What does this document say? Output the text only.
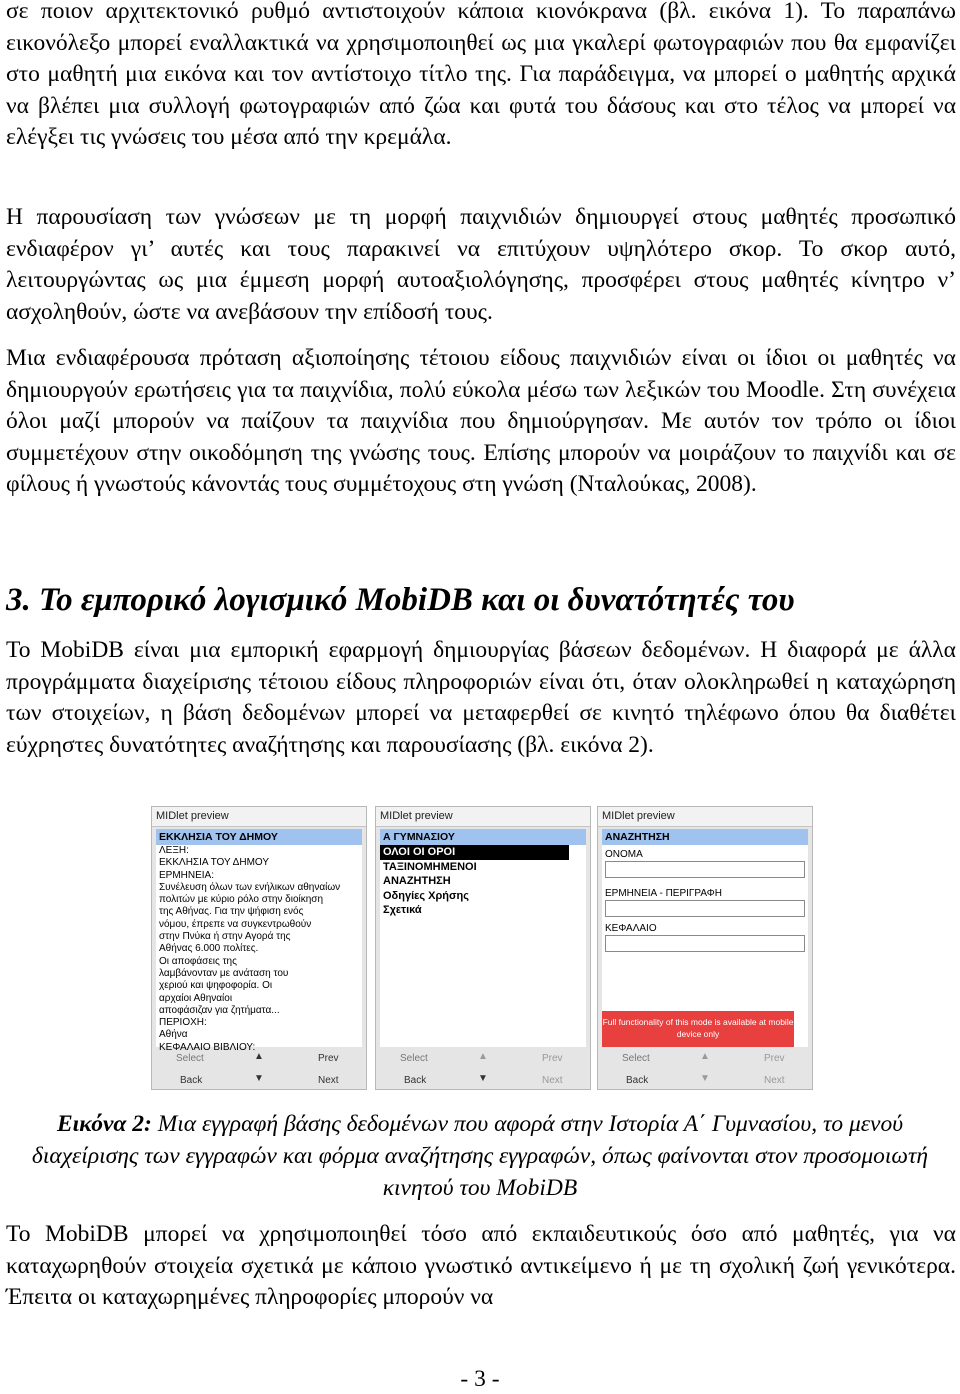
σε ποιον αρχιτεκτονικό ρυθμό αντιστοιχούν κάποια κιονόκρανα (βλ. εικόνα 1). Το παραπάνω εικονόλεξο μπορεί εναλλακτικά να χρησιμοποιηθεί ως μια γκαλερί φωτογραφιών που θα εμφανίζει στο μαθητή μια εικόνα και τον αντίστοιχο τίτλο της. Για παράδειγμα, να μπορεί ο μαθητής αρχικά να βλέπει μια συλλογή φωτογραφιών από ζώα και φυτά του δάσους και στο τέλος να μπορεί να ελέγξει τις γνώσεις του μέσα από την κρεμάλα.

Η παρουσίαση των γνώσεων με τη μορφή παιχνιδιών δημιουργεί στους μαθητές προσωπικό ενδιαφέρον γι’ αυτές και τους παρακινεί να επιτύχουν υψηλότερο σκορ. Το σκορ αυτό, λειτουργώντας ως μια έμμεση μορφή αυτοαξιολόγησης, προσφέρει στους μαθητές κίνητρο ν’ ασχοληθούν, ώστε να ανεβάσουν την επίδοσή τους.

Μια ενδιαφέρουσα πρόταση αξιοποίησης τέτοιου είδους παιχνιδιών είναι οι ίδιοι οι μαθητές να δημιουργούν ερωτήσεις για τα παιχνίδια, πολύ εύκολα μέσω των λεξικών του Moodle. Στη συνέχεια όλοι μαζί μπορούν να παίζουν τα παιχνίδια που δημιούργησαν. Με αυτόν τον τρόπο οι ίδιοι συμμετέχουν στην οικοδόμηση της γνώσης τους. Επίσης μπορούν να μοιράζουν το παιχνίδι και σε φίλους ή γνωστούς κάνοντάς τους συμμέτοχους στη γνώση (Νταλούκας, 2008).

3. Το εμπορικό λογισμικό MobiDB και οι δυνατότητές του

Το MobiDB είναι μια εμπορική εφαρμογή δημιουργίας βάσεων δεδομένων. Η διαφορά με άλλα προγράμματα διαχείρισης τέτοιου είδους πληροφοριών είναι ότι, όταν ολοκληρωθεί η καταχώρηση των στοιχείων, η βάση δεδομένων μπορεί να μεταφερθεί σε κινητό τηλέφωνο όπου θα διαθέτει εύχρηστες δυνατότητες αναζήτησης και παρουσίασης (βλ. εικόνα 2).

MIDlet preview
ΕΚΚΛΗΣΙΑ ΤΟΥ ΔΗΜΟΥ
ΛΕΞΗ:
ΕΚΚΛΗΣΙΑ ΤΟΥ ΔΗΜΟΥ
ΕΡΜΗΝΕΙΑ:
Συνέλευση όλων των ενήλικων αθηναίων
πολιτών με κύριο ρόλο στην διοίκηση
της Αθήνας. Για την ψήφιση ενός
νόμου, έπρεπε να συγκεντρωθούν
στην Πνύκα ή στην Αγορά της
Αθήνας 6.000 πολίτες.
Οι αποφάσεις της
λαμβάνονταν με ανάταση του
χεριού και ψηφοφορία. Οι
αρχαίοι Αθηναίοι
αποφάσιζαν για ζητήματα...
ΠΕΡΙΟΧΗ:
Αθήνα
ΚΕΦΑΛΑΙΟ ΒΙΒΛΙΟΥ:
Select	▲	Prev
Back	▼	Next
MIDlet preview
Α ΓΥΜΝΑΣΙΟΥ
ΟΛΟΙ ΟΙ ΟΡΟΙ
ΤΑΞΙΝΟΜΗΜΕΝΟΙ
ΑΝΑΖΗΤΗΣΗ
Οδηγίες Χρήσης
Σχετικά
Select	▲	Prev
Back	▼	Next
MIDlet preview
ΑΝΑΖΗΤΗΣΗ
ΟΝΟΜΑ
ΕΡΜΗΝΕΙΑ - ΠΕΡΙΓΡΑΦΗ
ΚΕΦΑΛΑΙΟ
Full functionality of this mode is available at mobile device only
Select	▲	Prev
Back	▼	Next

Εικόνα 2: Μια εγγραφή βάσης δεδομένων που αφορά στην Ιστορία Α΄ Γυμνασίου, το μενού διαχείρισης των εγγραφών και φόρμα αναζήτησης εγγραφών, όπως φαίνονται στον προσομοιωτή κινητού του MobiDB

Το MobiDB μπορεί να χρησιμοποιηθεί τόσο από εκπαιδευτικούς όσο από μαθητές, για να καταχωρηθούν στοιχεία σχετικά με κάποιο γνωστικό αντικείμενο ή με τη σχολική ζωή γενικότερα. Έπειτα οι καταχωρημένες πληροφορίες μπορούν να

- 3 -
